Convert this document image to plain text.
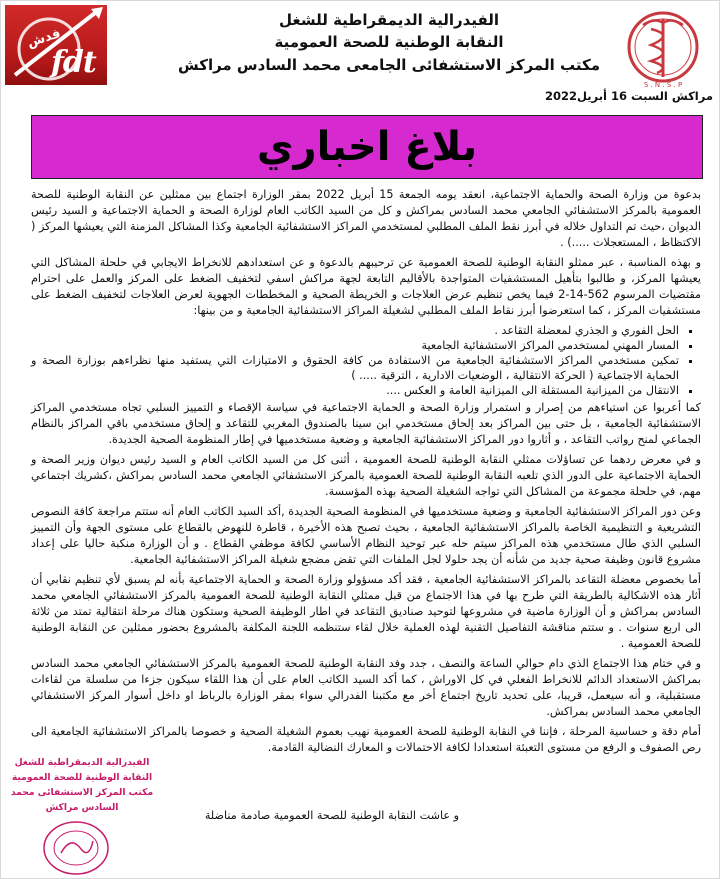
فدش
fdt
S . N . S . P
الفيدرالية الديمقراطية للشغل
النقابة الوطنية للصحة العمومية
مكتب المركز الاستشفائى الجامعى محمد السادس مراكش
مراكش السبت 16 أبريل2022
بلاغ اخباري

بدعوة من وزارة الصحة والحماية الاجتماعية، انعقد يومه الجمعة 15 أبريل 2022 بمقر الوزارة اجتماع بين ممثلين عن النقابة الوطنية للصحة العمومية بالمركز الاستشفائي الجامعي محمد السادس بمراكش و كل من السيد الكاتب العام لوزارة الصحة و الحماية الاجتماعية و السيد رئيس الديوان ،حيث تم التداول خلاله في أبرز نقط الملف المطلبي لمستخدمي المراكز الاستشفائية الجامعية وكذا المشاكل المزمنة التي يعيشها المركز ( الاكتظاظ ، المستعجلات .....) .

و بهذه المناسبة ، عبر ممثلو النقابة الوطنية للصحة العمومية عن ترحيبهم بالدعوة و عن استعدادهم للانخراط الايجابي في حلحلة المشاكل التي يعيشها المركز، و طالبوا بتأهيل المستشفيات المتواجدة بالأقاليم التابعة لجهة مراكش اسفي لتخفيف الضغط على المركز والعمل على احترام مقتضيات المرسوم 562-14-2 فيما يخص تنظيم عرض العلاجات و الخريطة الصحية و المخططات الجهوية لعرض العلاجات لتخفيف الضغط على مستشفيات المركز ، كما استعرضوا أبرز نقاط الملف المطلبي لشغيلة المراكز الاستشفائية الجامعية و من بينها:

▪ الحل الفوري و الجذري لمعضلة التقاعد .
▪ المسار المهني لمستخدمي المراكز الاستشفائية الجامعية
▪ تمكين مستخدمي المراكز الاستشفائية الجامعية من الاستفادة من كافة الحقوق و الامتيازات التي يستفيد منها نظراءهم بوزارة الصحة و الحماية الاجتماعية ( الحركة الانتقالية ، الوضعيات الادارية ، الترقية ..... )
▪ الانتقال من الميزانية المستقلة الى الميزانية العامة و العكس ....

كما أعربوا عن استياءهم من إصرار و استمرار وزارة الصحة و الحماية الاجتماعية في سياسة الإقصاء و التمييز السلبي تجاه مستخدمي المراكز الاستشفائية الجامعية ، بل حتى بين المراكز بعد إلحاق مستخدمي ابن سينا بالصندوق المغربي للتقاعد و إلحاق مستخدمي باقي المراكز بالنظام الجماعي لمنح رواتب التقاعد ، و أثاروا دور المراكز الاستشفائية الجامعية و وضعية مستخدميها في إطار المنظومة الصحية الجديدة.

و في معرض ردهما عن تساؤلات ممثلي النقابة الوطنية للصحة العمومية ، أثنى كل من السيد الكاتب العام و السيد رئيس ديوان وزير الصحة و الحماية الاجتماعية على الدور الذي تلعبه النقابة الوطنية للصحة العمومية بالمركز الاستشفائي الجامعي محمد السادس بمراكش ،كشريك اجتماعي مهم، في حلحلة مجموعة من المشاكل التي تواجه الشغيلة الصحية بهذه المؤسسة.

وعن دور المراكز الاستشفائية الجامعية و وضعية مستخدميها في المنظومة الصحية الجديدة ,أكد السيد الكاتب العام أنه ستتم مراجعة كافة النصوص التشريعية و التنظيمية الخاصة بالمراكز الاستشفائية الجامعية ، بحيث تصبح هذه الأخيرة ، قاطرة للنهوض بالقطاع على مستوى الجهة وأن التمييز السلبي الذي طال مستخدمي هذه المراكز سيتم حله عبر توحيد النظام الأساسي لكافة موظفي القطاع . و أن الوزارة منكبة حاليا على إعداد مشروع قانون وظيفة صحية جديد من شأنه أن يجد حلولا لجل الملفات التي تقض مضجع شغيلة المراكز الاستشفائية الجامعية.

أما بخصوص معضلة التقاعد بالمراكز الاستشفائية الجامعية ، فقد أكد مسؤولو وزارة الصحة و الحماية الاجتماعية بأنه لم يسبق لأي تنظيم نقابي أن أثار هذه الاشكالية بالطريقة التي طرح بها في هذا الاجتماع من قبل ممثلي النقابة الوطنية للصحة العمومية بالمركز الاستشفائي الجامعي محمد السادس بمراكش و أن الوزارة ماضية في مشروعها لتوحيد صناديق التقاعد في اطار الوظيفة الصحية وستكون هناك مرحلة انتقالية تمتد من ثلاثة الى اربع سنوات . و ستتم مناقشة التفاصيل التقنية لهذه العملية خلال لقاء ستنظمه اللجنة المكلفة بالمشروع بحضور ممثلين عن النقابة الوطنية للصحة العمومية .

و في ختام هذا الاجتماع الذي دام حوالي الساعة والنصف ، جدد وفد النقابة الوطنية للصحة العمومية بالمركز الاستشفائي الجامعي محمد السادس بمراكش الاستعداد الدائم للانخراط الفعلي في كل الاوراش ، كما أكد السيد الكاتب العام على أن هذا اللقاء سيكون جزءا من سلسلة من لقاءات مستقبلية، و أنه سيعمل، قريبا، على تحديد تاريخ اجتماع أخر مع مكتبنا الفدرالي سواء بمقر الوزارة بالرباط او داخل أسوار المركز الاستشفائي الجامعي محمد السادس بمراكش.

أمام دقة و حساسية المرحلة ، فإننا في النقابة الوطنية للصحة العمومية نهيب بعموم الشغيلة الصحية و خصوصا بالمراكز الاستشفائية الجامعية الى رص الصفوف و الرفع من مستوى التعبئة استعدادا لكافة الاحتمالات و المعارك النضالية القادمة.

الفيدرالية الديمقراطية للشغل
النقابة الوطنية للصحة العمومية
مكتب المركز الاستشفائى محمد
السادس مراكش
و عاشت النقابة الوطنية للصحة العمومية صادمة مناضلة
